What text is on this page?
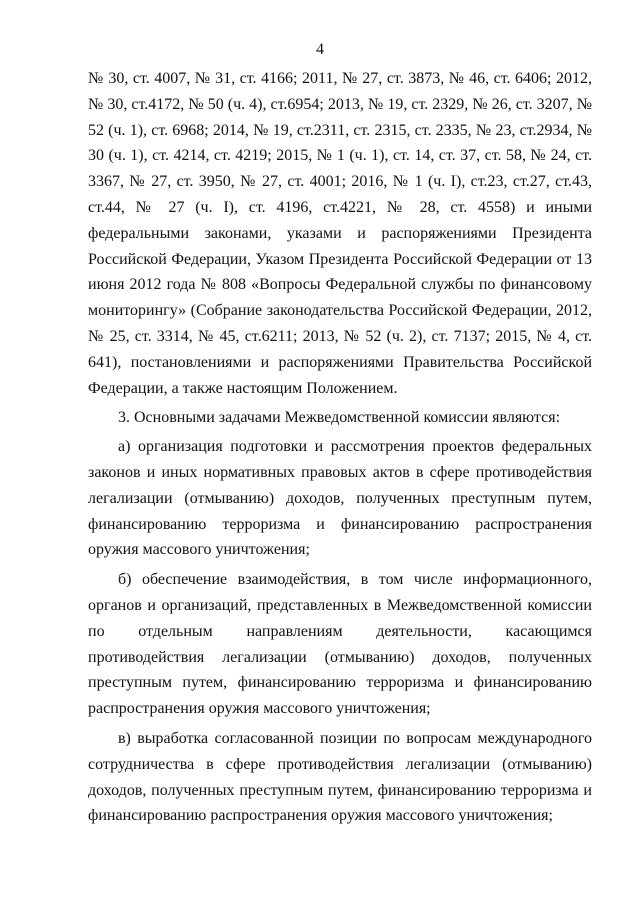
4

№ 30, ст. 4007, № 31, ст. 4166; 2011, № 27, ст. 3873, № 46, ст. 6406; 2012, № 30, ст.4172, № 50 (ч. 4), ст.6954; 2013, № 19, ст. 2329, № 26, ст. 3207, № 52 (ч. 1), ст. 6968; 2014, № 19, ст.2311, ст. 2315, ст. 2335, № 23, ст.2934, № 30 (ч. 1), ст. 4214, ст. 4219; 2015, № 1 (ч. 1), ст. 14, ст. 37, ст. 58, № 24, ст. 3367, № 27, ст. 3950, № 27, ст. 4001; 2016, № 1 (ч. I), ст.23, ст.27, ст.43, ст.44, № 27 (ч. I), ст. 4196, ст.4221, № 28, ст. 4558) и иными федеральными законами, указами и распоряжениями Президента Российской Федерации, Указом Президента Российской Федерации от 13 июня 2012 года № 808 «Вопросы Федеральной службы по финансовому мониторингу» (Собрание законодательства Российской Федерации, 2012, № 25, ст. 3314, № 45, ст.6211; 2013, № 52 (ч. 2), ст. 7137; 2015, № 4, ст. 641), постановлениями и распоряжениями Правительства Российской Федерации, а также настоящим Положением.

3. Основными задачами Межведомственной комиссии являются:

а) организация подготовки и рассмотрения проектов федеральных законов и иных нормативных правовых актов в сфере противодействия легализации (отмыванию) доходов, полученных преступным путем, финансированию терроризма и финансированию распространения оружия массового уничтожения;

б) обеспечение взаимодействия, в том числе информационного, органов и организаций, представленных в Межведомственной комиссии по отдельным направлениям деятельности, касающимся противодействия легализации (отмыванию) доходов, полученных преступным путем, финансированию терроризма и финансированию распространения оружия массового уничтожения;

в) выработка согласованной позиции по вопросам международного сотрудничества в сфере противодействия легализации (отмыванию) доходов, полученных преступным путем, финансированию терроризма и финансированию распространения оружия массового уничтожения;
